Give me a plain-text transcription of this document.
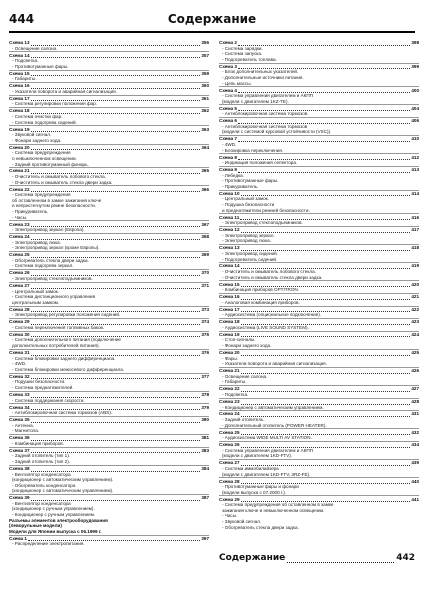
Содержание
444
Схема 13	356
- Освещение салона.
Схема 14	357
- Подсветка.
- Противотуманные фары.
Схема 15	359
- Габариты.
Схема 16	360
- Указатели поворота и аварийная сигнализация.
Схема 17	361
- Система регулировки положения фар.
Схема 18	362
- Система очистки фар.
- Система подогрева сидений.
Схема 19	363
- Звуковой сигнал.
- Фонари заднего хода.
Схема 20	364
- Система предупреждения
о невыключенном освещении.
- Задний противотуманный фонарь.
Схема 21	365
- Очиститель и омыватель лобового стекла.
- Очиститель и омыватель стекла двери задка.
Схема 22	366
- Система предупреждения
об оставленном в замке зажигания ключе
и непристегнутом ремне безопасности.
- Прикуриватель.
- Часы.
Схема 23	367
- Электропривод зеркал (Европа).
Схема 24	368
- Электропривод люка.
- Электропривод зеркал (кроме Европы).
Схема 25	369
- Обогреватель стекла двери задка.
- Система подогрева зеркал.
Схема 26	370
- Электропривод стеклоподъемников.
Схема 27	371
- Центральный замок.
- Система дистанционного управления
центральным замком.
Схема 28	373
- Электропривод регулировки положения сидений.
Схема 29	374
- Система переключения топливных баков.
Схема 30	375
- Система дополнительного питания (подключение
дополнительных потребителей питания).
Схема 31	376
- Система блокировки заднего дифференциала.
- 4WD.
- Система блокировки межосевого дифференциала.
Схема 32	377
- Подушки безопасности.
- Система преднатяжителей.
Схема 33	378
- Система поддержания скорости.
Схема 34	379
- Антиблокировочная система тормозов (ABS).
Схема 35	380
- Антенна.
- Магнитола.
Схема 36	381
- Комбинация приборов.
Схема 37	383
- Задний отопитель (тип 1).
- Задний отопитель (тип 2).
Схема 38	384
- Вентилятор конденсатора
(кондиционер с автоматическим управлением).
- Обогреватель конденсатора
(кондиционер с автоматическим управлением).
Схема 39	387
- Вентилятор конденсатора
(кондиционер с ручным управлением).
- Кондиционер с ручным управлением.
Разъемы элементов электрооборудования
(леворульные модели)
Модели для Японии выпуска с 06.1999 г.
Схема 1	397
- Распределение электропитания.
Схема 2	398
- Система зарядки.
- Система запуска.
- Подогреватель топлива.
Схема 3	399
- Блок дополнительных указателей.
- Дополнительные источники питания.
- Цепь массы.
Схема 4	400
- Система управления двигателем и АКПП
(модели с двигателем 1KZ-TE).
Схема 5	404
- Антиблокировочная система тормозов.
Схема 6	406
- Антиблокировочная система тормозов
(модели с системой курсовой устойчивости (VSC)).
Схема 7	410
- 4WD.
- Блокировка переключения.
Схема 8	412
- Индикация положения селектора.
Схема 9	413
- Лебедка.
- Противотуманные фары.
- Прикуриватель.
Схема 10	414
- Центральный замок.
- Подушка безопасности
и преднатяжители ремней безопасности.
Схема 11	416
- Электропривод стеклоподъемников.
Схема 12	417
- Электропривод зеркал.
- Электропривод люка.
Схема 13	418
- Электропривод сидений.
- Подогреватель сидений.
Схема 14	419
- Очиститель и омыватель лобового стекла.
- Очиститель и омыватель стекла двери задка.
Схема 15	420
- Комбинация приборов OPTITRON.
Схема 16	421
- Аналоговая комбинация приборов.
Схема 17	422
- Аудиосистема (опциональное подключение).
Схема 18	423
- Аудиосистема (LIVE SOUND SYSTEM).
Схема 19	424
- Стоп-сигналы.
- Фонари заднего хода.
Схема 20	425
- Фары.
- Указатели поворота и аварийная сигнализация.
Схема 21	426
- Освещение салона.
- Габариты.
Схема 22	427
- Подсветка.
Схема 23	428
- Кондиционер с автоматическим управлением.
Схема 24	431
- Задний отопитель.
- Дополнительный отопитель (POWER HEATER).
Схема 25	432
- Аудиосистема WIDE MULTI AV STATION.
Схема 26	434
- Система управления двигателем и АКПП
(модели с двигателем 1KD-FTV).
Схема 27	439
- Система иммобилайзера
(модели с двигателем 1KD-FTV, 3RZ-FE).
Схема 28	440
- Противотуманные фары и фонари
(модели выпуска с 07.2000 г.).
Схема 29	441
- Система предупреждения об оставленном в замке
зажигания ключе и невыключенном освещении.
- Часы.
- Звуковой сигнал.
- Обогреватель стекла двери задка.
Содержание	442
